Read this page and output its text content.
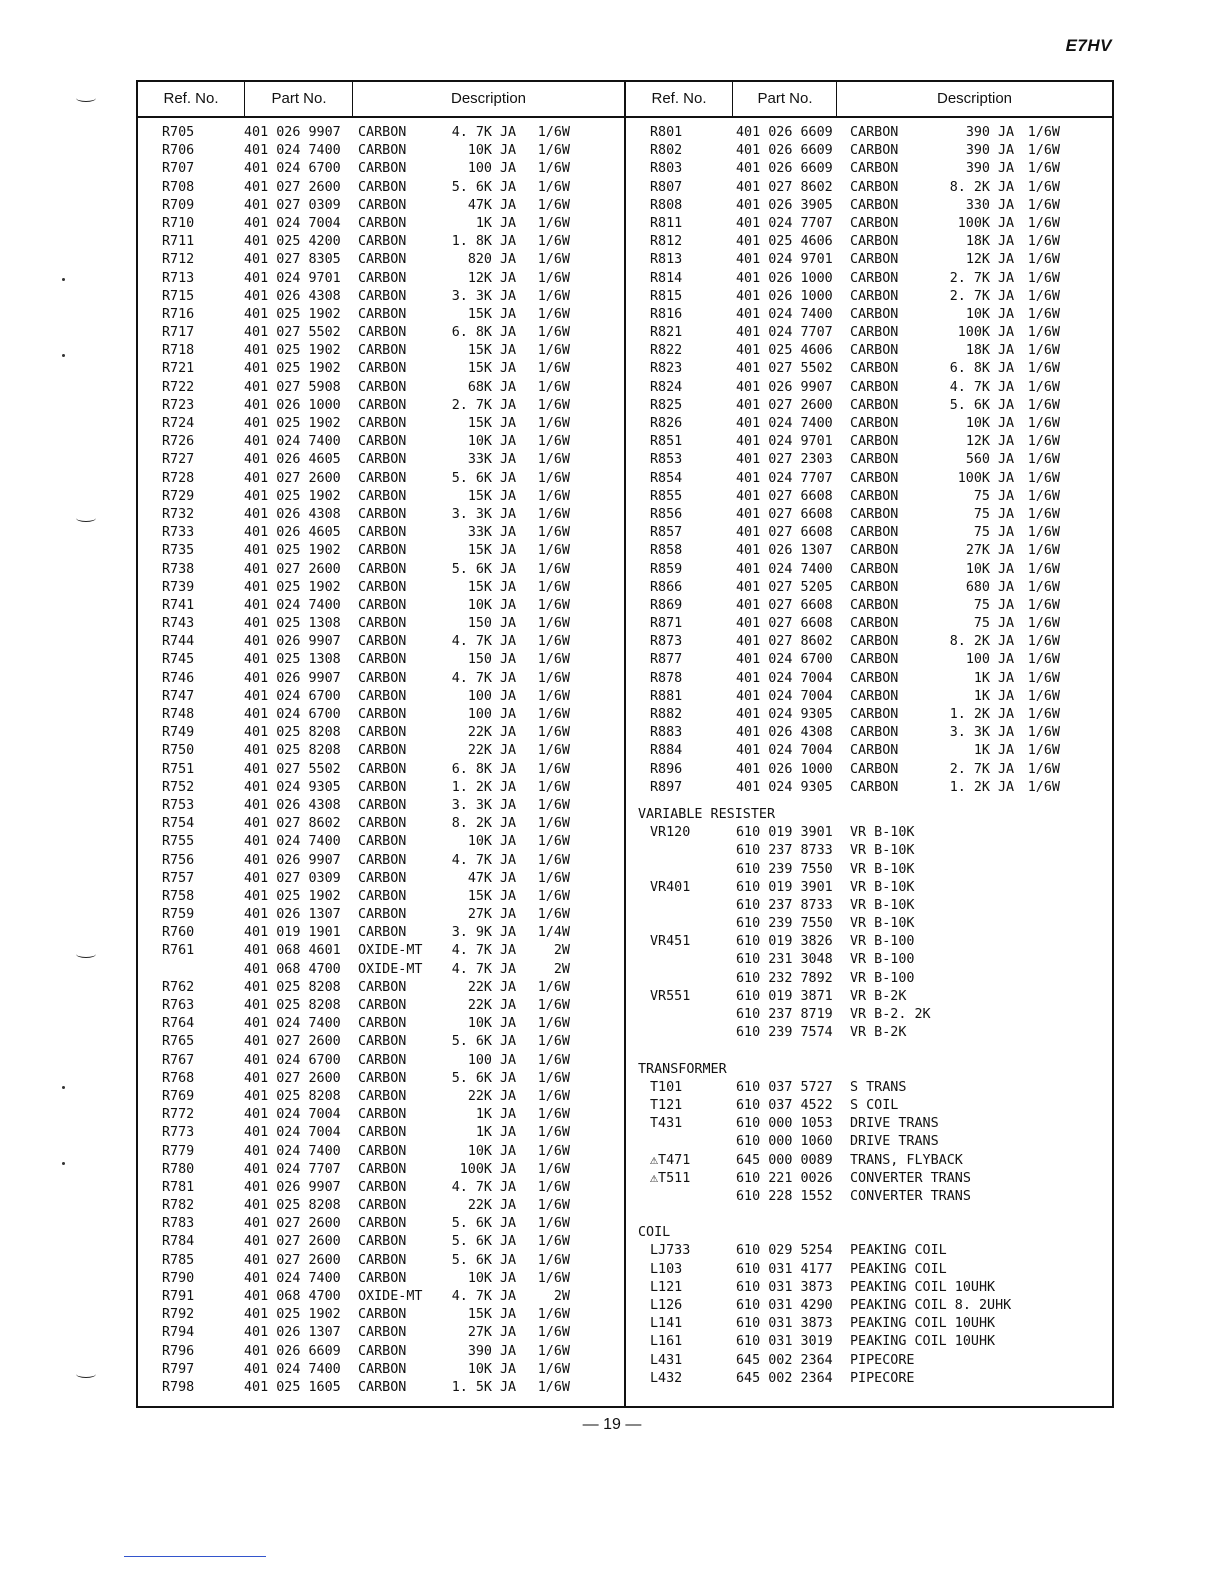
E7HV
Ref. No.	Part No.	Description
R705	401 026 9907 CARBON	4. 7K JA	1/6W
R706	401 024 7400 CARBON	10K JA	1/6W
R707	401 024 6700 CARBON	100 JA	1/6W
R708	401 027 2600 CARBON	5. 6K JA	1/6W
R709	401 027 0309 CARBON	47K JA	1/6W
R710	401 024 7004 CARBON	1K JA	1/6W
R711	401 025 4200 CARBON	1. 8K JA	1/6W
R712	401 027 8305 CARBON	820 JA	1/6W
R713	401 024 9701 CARBON	12K JA	1/6W
R715	401 026 4308 CARBON	3. 3K JA	1/6W
R716	401 025 1902 CARBON	15K JA	1/6W
R717	401 027 5502 CARBON	6. 8K JA	1/6W
R718	401 025 1902 CARBON	15K JA	1/6W
R721	401 025 1902 CARBON	15K JA	1/6W
R722	401 027 5908 CARBON	68K JA	1/6W
R723	401 026 1000 CARBON	2. 7K JA	1/6W
R724	401 025 1902 CARBON	15K JA	1/6W
R726	401 024 7400 CARBON	10K JA	1/6W
R727	401 026 4605 CARBON	33K JA	1/6W
R728	401 027 2600 CARBON	5. 6K JA	1/6W
R729	401 025 1902 CARBON	15K JA	1/6W
R732	401 026 4308 CARBON	3. 3K JA	1/6W
R733	401 026 4605 CARBON	33K JA	1/6W
R735	401 025 1902 CARBON	15K JA	1/6W
R738	401 027 2600 CARBON	5. 6K JA	1/6W
R739	401 025 1902 CARBON	15K JA	1/6W
R741	401 024 7400 CARBON	10K JA	1/6W
R743	401 025 1308 CARBON	150 JA	1/6W
R744	401 026 9907 CARBON	4. 7K JA	1/6W
R745	401 025 1308 CARBON	150 JA	1/6W
R746	401 026 9907 CARBON	4. 7K JA	1/6W
R747	401 024 6700 CARBON	100 JA	1/6W
R748	401 024 6700 CARBON	100 JA	1/6W
R749	401 025 8208 CARBON	22K JA	1/6W
R750	401 025 8208 CARBON	22K JA	1/6W
R751	401 027 5502 CARBON	6. 8K JA	1/6W
R752	401 024 9305 CARBON	1. 2K JA	1/6W
R753	401 026 4308 CARBON	3. 3K JA	1/6W
R754	401 027 8602 CARBON	8. 2K JA	1/6W
R755	401 024 7400 CARBON	10K JA	1/6W
R756	401 026 9907 CARBON	4. 7K JA	1/6W
R757	401 027 0309 CARBON	47K JA	1/6W
R758	401 025 1902 CARBON	15K JA	1/6W
R759	401 026 1307 CARBON	27K JA	1/6W
R760	401 019 1901 CARBON	3. 9K JA	1/4W
R761	401 068 4601 OXIDE-MT	4. 7K JA	2W
401 068 4700 OXIDE-MT	4. 7K JA	2W
R762	401 025 8208 CARBON	22K JA	1/6W
R763	401 025 8208 CARBON	22K JA	1/6W
R764	401 024 7400 CARBON	10K JA	1/6W
R765	401 027 2600 CARBON	5. 6K JA	1/6W
R767	401 024 6700 CARBON	100 JA	1/6W
R768	401 027 2600 CARBON	5. 6K JA	1/6W
R769	401 025 8208 CARBON	22K JA	1/6W
R772	401 024 7004 CARBON	1K JA	1/6W
R773	401 024 7004 CARBON	1K JA	1/6W
R779	401 024 7400 CARBON	10K JA	1/6W
R780	401 024 7707 CARBON	100K JA	1/6W
R781	401 026 9907 CARBON	4. 7K JA	1/6W
R782	401 025 8208 CARBON	22K JA	1/6W
R783	401 027 2600 CARBON	5. 6K JA	1/6W
R784	401 027 2600 CARBON	5. 6K JA	1/6W
R785	401 027 2600 CARBON	5. 6K JA	1/6W
R790	401 024 7400 CARBON	10K JA	1/6W
R791	401 068 4700 OXIDE-MT	4. 7K JA	2W
R792	401 025 1902 CARBON	15K JA	1/6W
R794	401 026 1307 CARBON	27K JA	1/6W
R796	401 026 6609 CARBON	390 JA	1/6W
R797	401 024 7400 CARBON	10K JA	1/6W
R798	401 025 1605 CARBON	1. 5K JA	1/6W
Ref. No.	Part No.	Description
R801	401 026 6609 CARBON	390 JA	1/6W
R802	401 026 6609 CARBON	390 JA	1/6W
R803	401 026 6609 CARBON	390 JA	1/6W
R807	401 027 8602 CARBON	8. 2K JA	1/6W
R808	401 026 3905 CARBON	330 JA	1/6W
R811	401 024 7707 CARBON	100K JA	1/6W
R812	401 025 4606 CARBON	18K JA	1/6W
R813	401 024 9701 CARBON	12K JA	1/6W
R814	401 026 1000 CARBON	2. 7K JA	1/6W
R815	401 026 1000 CARBON	2. 7K JA	1/6W
R816	401 024 7400 CARBON	10K JA	1/6W
R821	401 024 7707 CARBON	100K JA	1/6W
R822	401 025 4606 CARBON	18K JA	1/6W
R823	401 027 5502 CARBON	6. 8K JA	1/6W
R824	401 026 9907 CARBON	4. 7K JA	1/6W
R825	401 027 2600 CARBON	5. 6K JA	1/6W
R826	401 024 7400 CARBON	10K JA	1/6W
R851	401 024 9701 CARBON	12K JA	1/6W
R853	401 027 2303 CARBON	560 JA	1/6W
R854	401 024 7707 CARBON	100K JA	1/6W
R855	401 027 6608 CARBON	75 JA	1/6W
R856	401 027 6608 CARBON	75 JA	1/6W
R857	401 027 6608 CARBON	75 JA	1/6W
R858	401 026 1307 CARBON	27K JA	1/6W
R859	401 024 7400 CARBON	10K JA	1/6W
R866	401 027 5205 CARBON	680 JA	1/6W
R869	401 027 6608 CARBON	75 JA	1/6W
R871	401 027 6608 CARBON	75 JA	1/6W
R873	401 027 8602 CARBON	8. 2K JA	1/6W
R877	401 024 6700 CARBON	100 JA	1/6W
R878	401 024 7004 CARBON	1K JA	1/6W
R881	401 024 7004 CARBON	1K JA	1/6W
R882	401 024 9305 CARBON	1. 2K JA	1/6W
R883	401 026 4308 CARBON	3. 3K JA	1/6W
R884	401 024 7004 CARBON	1K JA	1/6W
R896	401 026 1000 CARBON	2. 7K JA	1/6W
R897	401 024 9305 CARBON	1. 2K JA	1/6W
VARIABLE RESISTER
VR120	610 019 3901 VR B-10K
610 237 8733 VR B-10K
610 239 7550 VR B-10K
VR401	610 019 3901 VR B-10K
610 237 8733 VR B-10K
610 239 7550 VR B-10K
VR451	610 019 3826 VR B-100
610 231 3048 VR B-100
610 232 7892 VR B-100
VR551	610 019 3871 VR B-2K
610 237 8719 VR B-2. 2K
610 239 7574 VR B-2K
TRANSFORMER
T101	610 037 5727 S TRANS
T121	610 037 4522 S COIL
T431	610 000 1053 DRIVE TRANS
610 000 1060 DRIVE TRANS
⚠T471	645 000 0089 TRANS, FLYBACK
⚠T511	610 221 0026 CONVERTER TRANS
610 228 1552 CONVERTER TRANS
COIL
LJ733	610 029 5254 PEAKING COIL
L103	610 031 4177 PEAKING COIL
L121	610 031 3873 PEAKING COIL 10UHK
L126	610 031 4290 PEAKING COIL 8. 2UHK
L141	610 031 3873 PEAKING COIL 10UHK
L161	610 031 3019 PEAKING COIL 10UHK
L431	645 002 2364 PIPECORE
L432	645 002 2364 PIPECORE
— 19 —
